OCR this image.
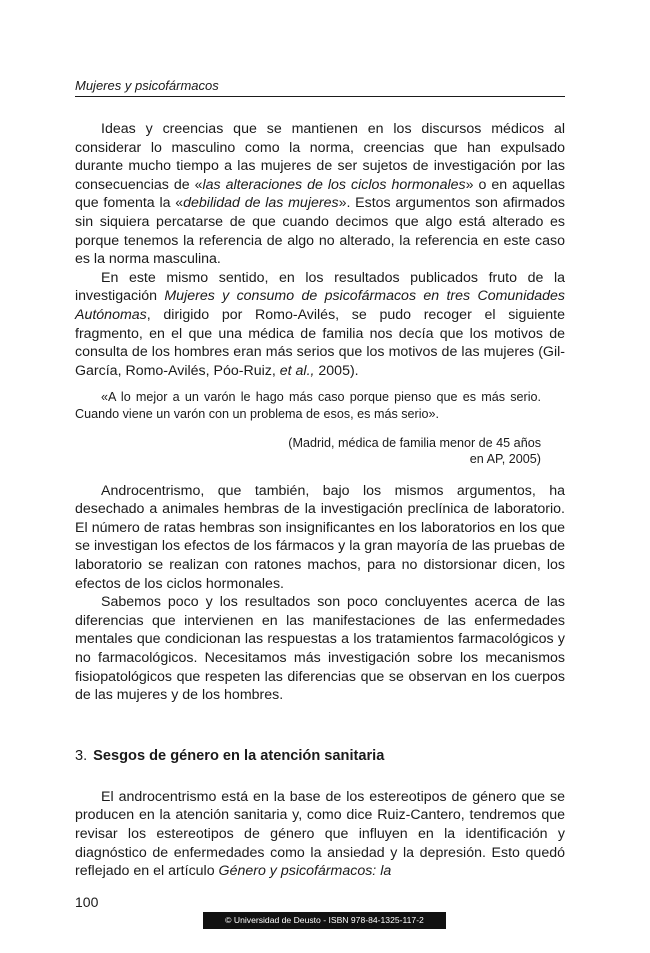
Mujeres y psicofármacos

Ideas y creencias que se mantienen en los discursos médicos al considerar lo masculino como la norma, creencias que han expulsado durante mucho tiempo a las mujeres de ser sujetos de investigación por las consecuencias de «las alteraciones de los ciclos hormonales» o en aquellas que fomenta la «debilidad de las mujeres». Estos argumentos son afirmados sin siquiera percatarse de que cuando decimos que algo está alterado es porque tenemos la referencia de algo no alterado, la referencia en este caso es la norma masculina.

En este mismo sentido, en los resultados publicados fruto de la investigación Mujeres y consumo de psicofármacos en tres Comunidades Autónomas, dirigido por Romo-Avilés, se pudo recoger el siguiente fragmento, en el que una médica de familia nos decía que los motivos de consulta de los hombres eran más serios que los motivos de las mujeres (Gil-García, Romo-Avilés, Póo-Ruiz, et al., 2005).

«A lo mejor a un varón le hago más caso porque pienso que es más serio. Cuando viene un varón con un problema de esos, es más serio».

(Madrid, médica de familia menor de 45 años
en AP, 2005)

Androcentrismo, que también, bajo los mismos argumentos, ha desechado a animales hembras de la investigación preclínica de laboratorio. El número de ratas hembras son insignificantes en los laboratorios en los que se investigan los efectos de los fármacos y la gran mayoría de las pruebas de laboratorio se realizan con ratones machos, para no distorsionar dicen, los efectos de los ciclos hormonales.

Sabemos poco y los resultados son poco concluyentes acerca de las diferencias que intervienen en las manifestaciones de las enfermedades mentales que condicionan las respuestas a los tratamientos farmacológicos y no farmacológicos. Necesitamos más investigación sobre los mecanismos fisiopatológicos que respeten las diferencias que se observan en los cuerpos de las mujeres y de los hombres.

3. Sesgos de género en la atención sanitaria

El androcentrismo está en la base de los estereotipos de género que se producen en la atención sanitaria y, como dice Ruiz-Cantero, tendremos que revisar los estereotipos de género que influyen en la identificación y diagnóstico de enfermedades como la ansiedad y la depresión. Esto quedó reflejado en el artículo Género y psicofármacos: la

100
© Universidad de Deusto - ISBN 978-84-1325-117-2
